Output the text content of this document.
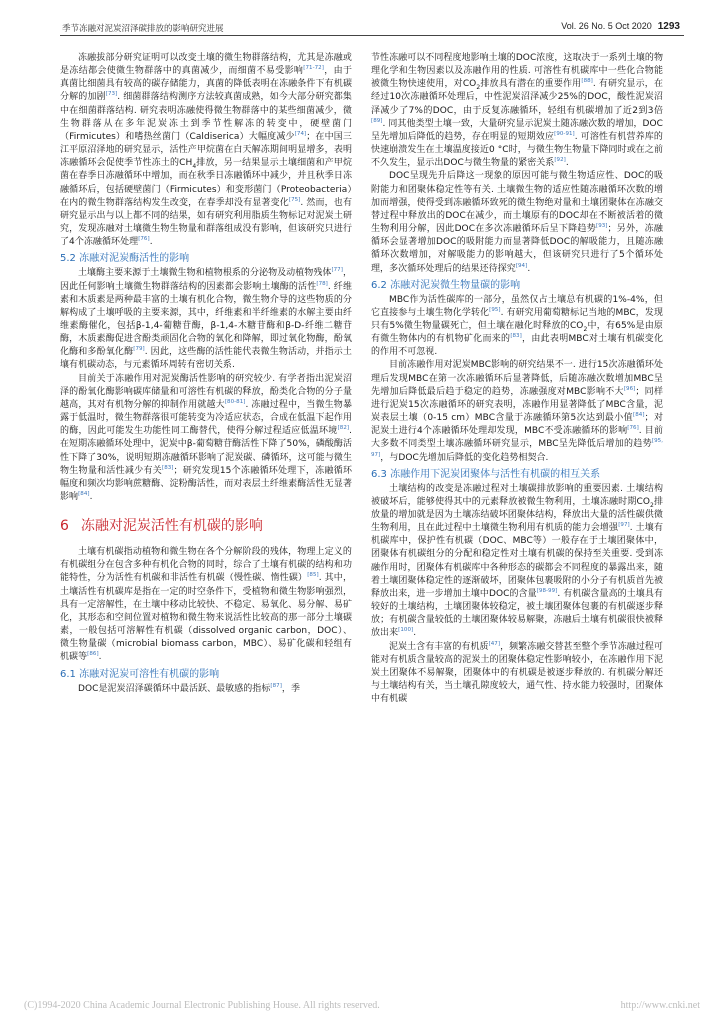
季节冻融对泥炭沼泽碳排放的影响研究进展	Vol. 26 No. 5 Oct 2020 1293

冻融拔部分研究证明可以改变土壤的微生物群落结构，尤其是冻融或是冻结都会使微生物群落中的真菌减少，而细菌不易受影响[71-72]，由于真菌比细菌具有较高的碳存储能力，真菌的降低表明在冻融条件下有机碳分解的加剧[73]. 细菌群落结构测序方法较真菌成熟，如今大部分研究都集中在细菌群落结构. 研究表明冻融使得微生物群落中的某些细菌减少，微生物群落从在多年泥炭冻土到季节性解冻的转变中，硬壁菌门（Firmicutes）和嗜热丝菌门（Caldiserica）大幅度减少[74]；在中国三江平原沼泽地的研究显示，活性产甲烷菌在白天解冻期间明显增多，表明冻融循环会促使季节性冻土的$CH_4$排放，另一结果显示土壤细菌和产甲烷菌在春季日冻融循环中增加，而在秋季日冻融循环中减少，并且秋季日冻融循环后，包括硬壁菌门（Firmicutes）和变形菌门（Proteobacteria）在内的微生物群落结构发生改变，在春季却没有显著变化[75]. 然而，也有研究显示出与以上都不同的结果，如有研究利用脂质生物标记对泥炭土研究，发现冻融对土壤微生物生物量和群落组成没有影响，但该研究只进行了4个冻融循环处理[76].

5.2 冻融对泥炭酶活性的影响

土壤酶主要来源于土壤微生物和植物根系的分泌物及动植物残体[77]，因此任何影响土壤微生物群落结构的因素都会影响土壤酶的活性[78]. 纤维素和木质素是两种最丰富的土壤有机化合物，微生物介导的这些物质的分解构成了土壤呼吸的主要来源，其中，纤维素和半纤维素的水解主要由纤维素酶催化，包括β-1,4-葡糖苷酶，β-1,4-木糖苷酶和β-D-纤维二糖苷酶，木质素酶促进含酚类顽固化合物的氧化和降解，即过氧化物酶，酚氧化酶和多酚氧化酶[79]. 因此，这些酶的活性能代表微生物活动，并指示土壤有机碳动态，与元素循环周转有密切关系.

目前关于冻融作用对泥炭酶活性影响的研究较少. 有学者指出泥炭沼泽的酚氧化酶影响碳库储量和可溶性有机碳的释放，酚类化合物的分子量越高，其对有机物分解的抑制作用就越大[80-81]. 冻融过程中，当微生物暴露于低温时，微生物群落很可能转变为冷适应状态，合成在低温下起作用的酶，因此可能发生功能性同工酶替代，使得分解过程适应低温环境[82]. 在短期冻融循环处理中，泥炭中β-葡萄糖苷酶活性下降了50%，磷酸酶活性下降了30%，说明短期冻融循环影响了泥炭碳、磷循环，这可能与微生物生物量和活性减少有关[83]；研究发现15个冻融循环处理下，冻融循环幅度和频次均影响蔗糖酶、淀粉酶活性，而对表层土纤维素酶活性无显著影响[84].

6 冻融对泥炭活性有机碳的影响

土壤有机碳指动植物和微生物在各个分解阶段的残体，物理上定义的有机碳组分在包含多种有机化合物的同时，综合了土壤有机碳的结构和功能特性，分为活性有机碳和非活性有机碳（慢性碳、惰性碳）[85]. 其中，土壤活性有机碳库是指在一定的时空条件下，受植物和微生物影响强烈，具有一定溶解性，在土壤中移动比较快、不稳定、易氧化、易分解、易矿化，其形态和空间位置对植物和微生物来说活性比较高的那一部分土壤碳素，一般包括可溶解性有机碳（dissolved organic carbon，DOC）、微生物量碳（microbial biomass carbon，MBC）、易矿化碳和轻组有机碳等[86].

6.1 冻融对泥炭可溶性有机碳的影响

DOC是泥炭沼泽碳循环中最活跃、最敏感的指标[87]，季

节性冻融可以不同程度地影响土壤的DOC浓度，这取决于一系列土壤的物理化学和生物因素以及冻融作用的性质. 可溶性有机碳库中一些化合物能被微生物快速使用，对$CO_2$排放具有潜在的重要作用[88]. 有研究显示，在经过10次冻融循环处理后，中性泥炭沼泽减少25%的DOC，酸性泥炭沼泽减少了7%的DOC，由于反复冻融循环，轻组有机碳增加了近2到3倍[89]. 同其他类型土壤一致，大量研究显示泥炭土随冻融次数的增加，DOC呈先增加后降低的趋势，存在明显的短期效应[90-91]. 可溶性有机营养库的快速崩溃发生在土壤温度接近0 °C时，与微生物生物量下降同时或在之前不久发生，显示出DOC与微生物量的紧密关系[92].

DOC呈现先升后降这一现象的原因可能与微生物适应性、DOC的吸附能力和团聚体稳定性等有关. 土壤微生物的适应性随冻融循环次数的增加而增强，使得受到冻融循环致死的微生物绝对量和土壤团聚体在冻融交替过程中释放出的DOC在减少，而土壤原有的DOC却在不断被活着的微生物利用分解，因此DOC在多次冻融循环后呈下降趋势[93]；另外，冻融循环会显著增加DOC的吸附能力而显著降低DOC的解吸能力，且随冻融循环次数增加，对解吸能力的影响越大，但该研究只进行了5个循环处理，多次循环处理后的结果还待探究[94].

6.2 冻融对泥炭微生物量碳的影响

MBC作为活性碳库的一部分，虽然仅占土壤总有机碳的1%-4%，但它直接参与土壤生物化学转化[95]. 有研究用葡萄糖标记当地的MBC，发现只有5%微生物量碳死亡，但土壤在融化时释放的$CO_2$中，有65%是由原有微生物体内的有机物矿化而来的[83]，由此表明MBC对土壤有机碳变化的作用不可忽视.

目前冻融作用对泥炭MBC影响的研究结果不一. 进行15次冻融循环处理后发现MBC在第一次冻融循环后显著降低，后随冻融次数增加MBC呈先增加后降低最后趋于稳定的趋势，冻融强度对MBC影响不大[96]；同样进行泥炭15次冻融循环的研究表明，冻融作用显著降低了MBC含量，泥炭表层土壤（0-15 cm）MBC含量于冻融循环第5次达到最小值[84]；对泥炭土进行4个冻融循环处理却发现，MBC不受冻融循环的影响[76]. 目前大多数不同类型土壤冻融循环研究显示，MBC呈先降低后增加的趋势[95, 97]，与DOC先增加后降低的变化趋势相契合.

6.3 冻融作用下泥炭团聚体与活性有机碳的相互关系

土壤结构的改变是冻融过程对土壤碳排放影响的重要因素. 土壤结构被破坏后，能够使得其中的元素释放被微生物利用，土壤冻融时期$CO_2$排放量的增加就是因为土壤冻结破坏团聚体结构，释放出大量的活性碳供微生物利用，且在此过程中土壤微生物利用有机质的能力会增强[97]. 土壤有机碳库中，保护性有机碳（DOC、MBC等）一般存在于土壤团聚体中，团聚体有机碳组分的分配和稳定性对土壤有机碳的保持至关重要. 受到冻融作用时，团聚体有机碳库中各种形态的碳都会不同程度的暴露出来，随着土壤团聚体稳定性的逐渐破坏，团聚体包裹吸附的小分子有机质首先被释放出来，进一步增加土壤中DOC的含量[98-99]. 有机碳含量高的土壤具有较好的土壤结构，土壤团聚体较稳定，被土壤团聚体包裹的有机碳逐步释放；有机碳含量较低的土壤团聚体较易解聚，冻融后土壤有机碳很快被释放出来[100].

泥炭土含有丰富的有机质[47]，频繁冻融交替甚至整个季节冻融过程可能对有机质含量较高的泥炭土的团聚体稳定性影响较小，在冻融作用下泥炭土团聚体不易解聚，团聚体中的有机碳是被逐步释放的. 有机碳分解还与土壤结构有关，当土壤孔隙度较大，通气性、持水能力较强时，团聚体中有机碳

(C)1994-2020 China Academic Journal Electronic Publishing House. All rights reserved.	http://www.cnki.net
